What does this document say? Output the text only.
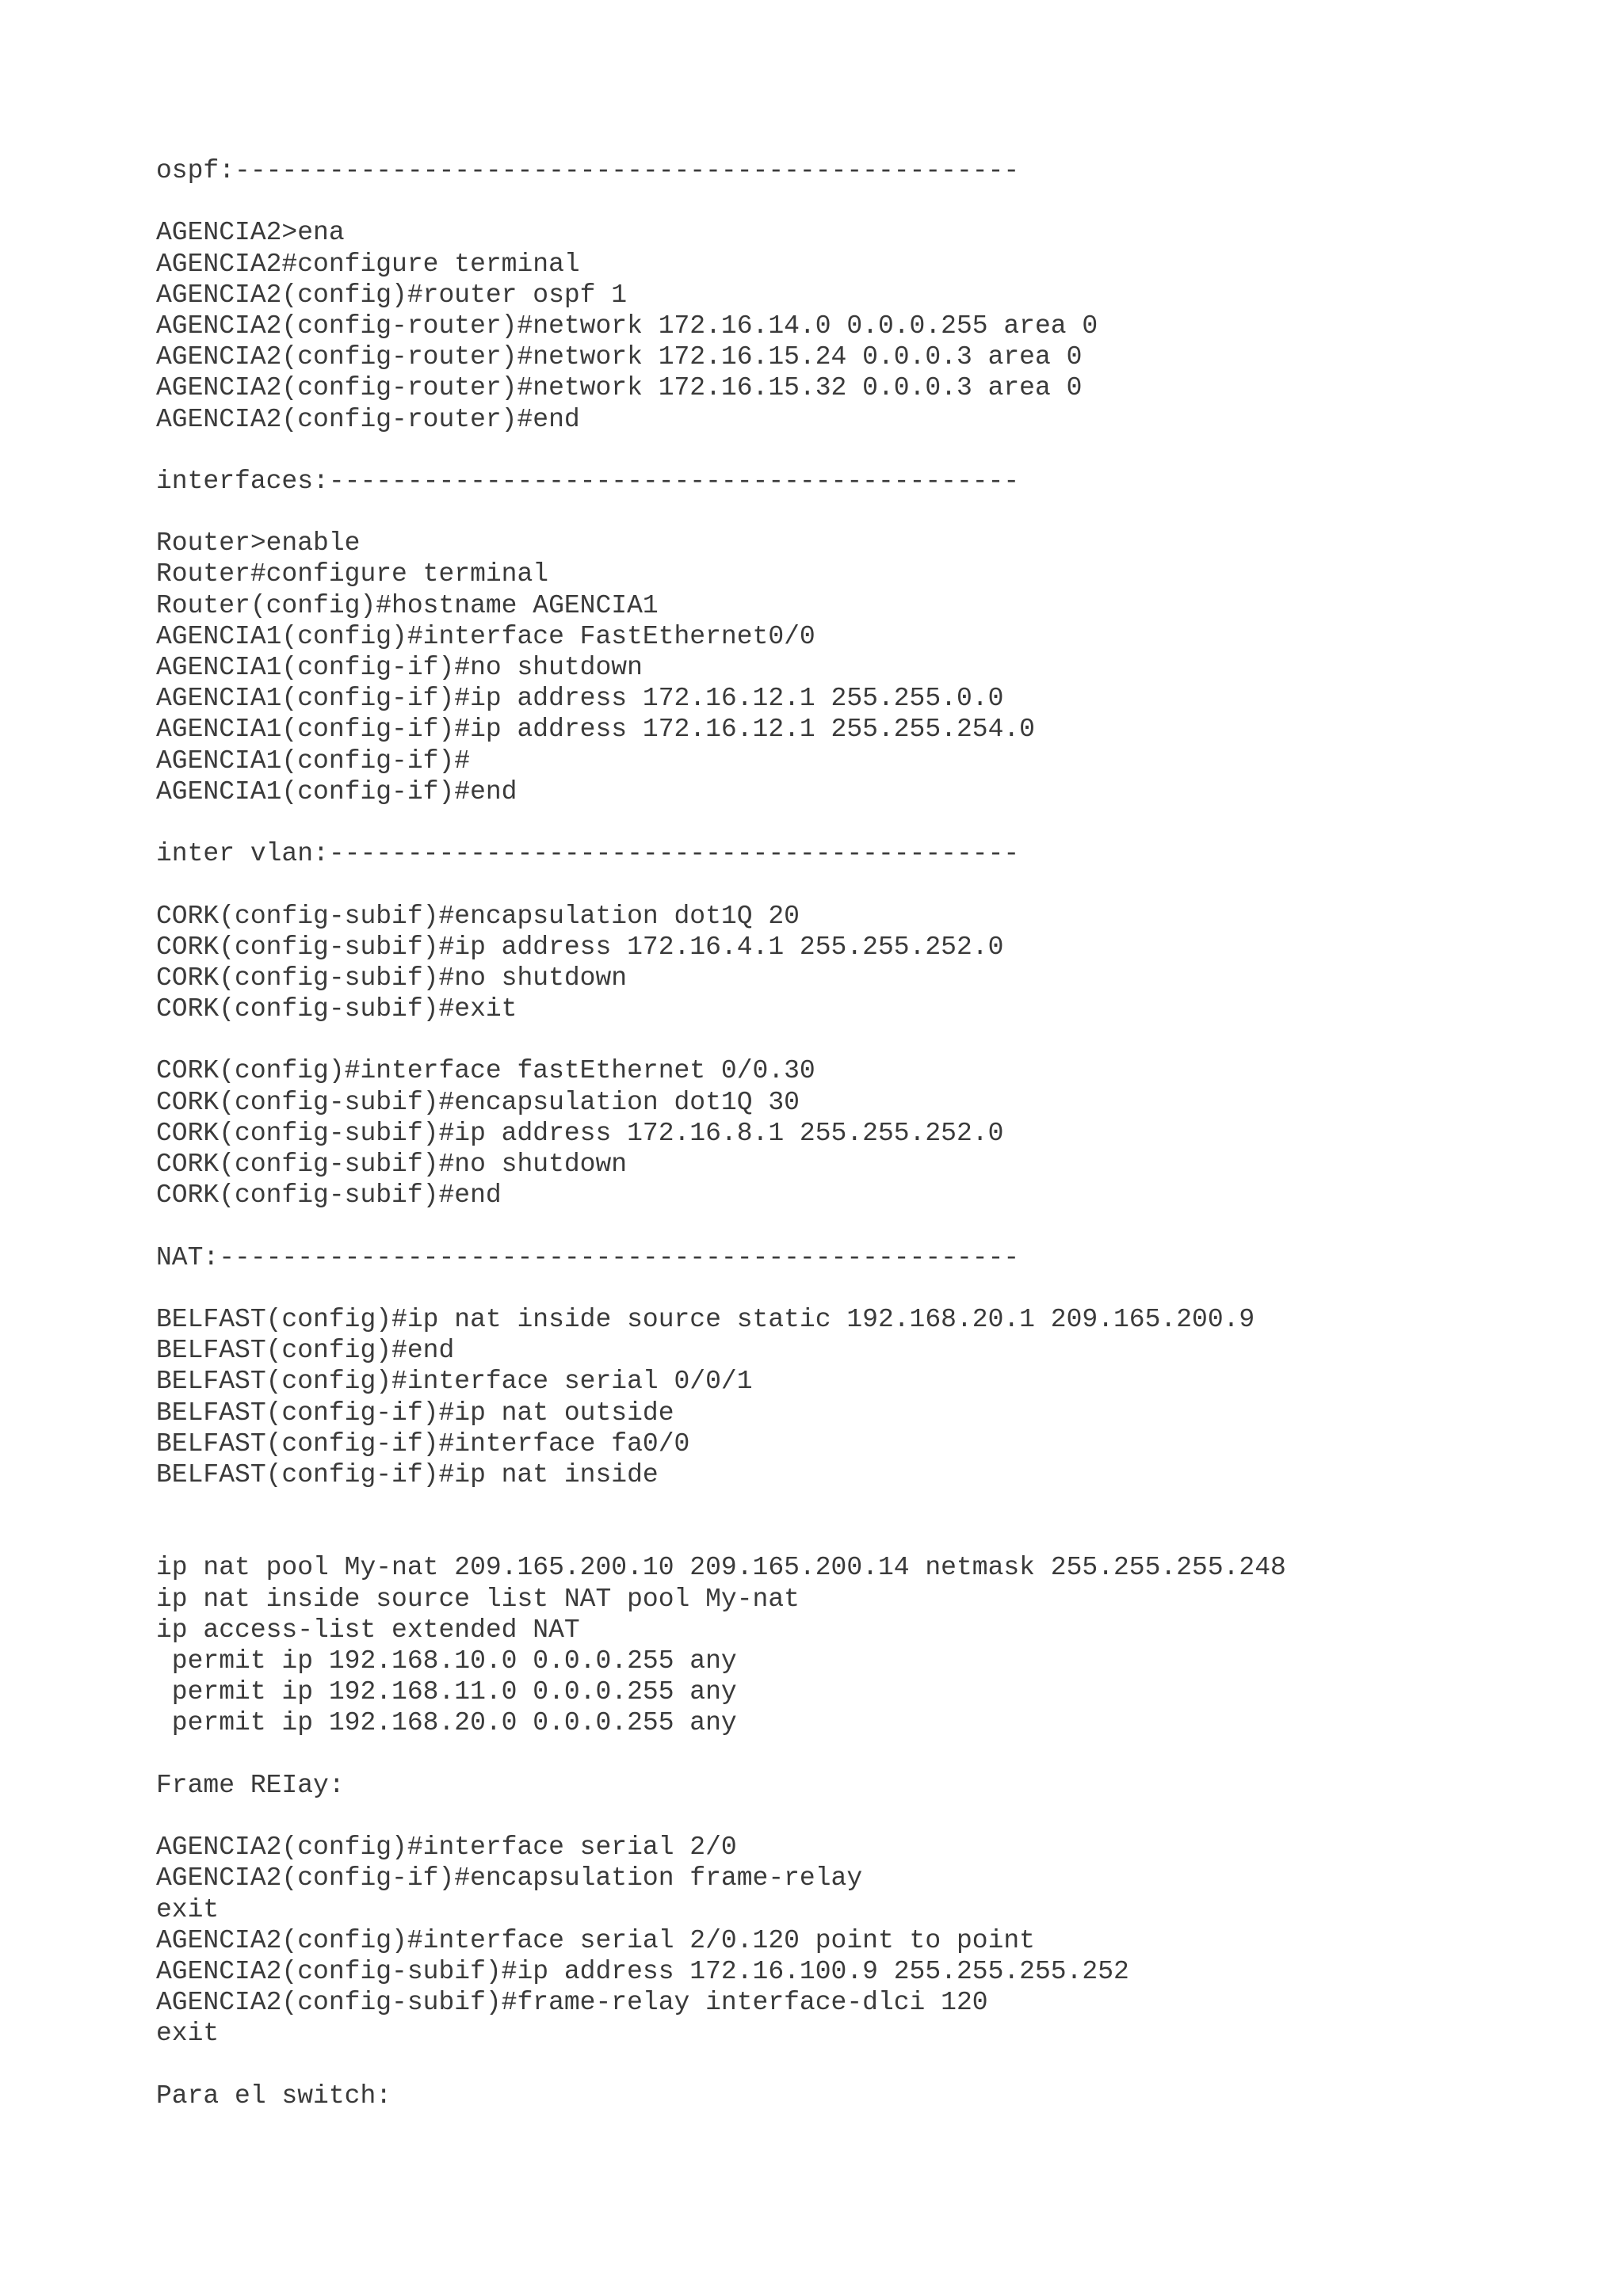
ospf:--------------------------------------------------
AGENCIA2>ena
AGENCIA2#configure terminal
AGENCIA2(config)#router ospf 1
AGENCIA2(config-router)#network 172.16.14.0 0.0.0.255 area 0
AGENCIA2(config-router)#network 172.16.15.24 0.0.0.3 area 0
AGENCIA2(config-router)#network 172.16.15.32 0.0.0.3 area 0
AGENCIA2(config-router)#end
interfaces:--------------------------------------------
Router>enable
Router#configure terminal
Router(config)#hostname AGENCIA1
AGENCIA1(config)#interface FastEthernet0/0
AGENCIA1(config-if)#no shutdown
AGENCIA1(config-if)#ip address 172.16.12.1 255.255.0.0
AGENCIA1(config-if)#ip address 172.16.12.1 255.255.254.0
AGENCIA1(config-if)#
AGENCIA1(config-if)#end
inter vlan:--------------------------------------------
CORK(config-subif)#encapsulation dot1Q 20
CORK(config-subif)#ip address 172.16.4.1 255.255.252.0
CORK(config-subif)#no shutdown
CORK(config-subif)#exit
CORK(config)#interface fastEthernet 0/0.30
CORK(config-subif)#encapsulation dot1Q 30
CORK(config-subif)#ip address 172.16.8.1 255.255.252.0
CORK(config-subif)#no shutdown
CORK(config-subif)#end
NAT:---------------------------------------------------
BELFAST(config)#ip nat inside source static 192.168.20.1 209.165.200.9
BELFAST(config)#end
BELFAST(config)#interface serial 0/0/1
BELFAST(config-if)#ip nat outside
BELFAST(config-if)#interface fa0/0
BELFAST(config-if)#ip nat inside
ip nat pool My-nat 209.165.200.10 209.165.200.14 netmask 255.255.255.248
ip nat inside source list NAT pool My-nat
ip access-list extended NAT
permit ip 192.168.10.0 0.0.0.255 any
permit ip 192.168.11.0 0.0.0.255 any
permit ip 192.168.20.0 0.0.0.255 any
Frame REIay:
AGENCIA2(config)#interface serial 2/0
AGENCIA2(config-if)#encapsulation frame-relay
exit
AGENCIA2(config)#interface serial 2/0.120 point to point
AGENCIA2(config-subif)#ip address 172.16.100.9 255.255.255.252
AGENCIA2(config-subif)#frame-relay interface-dlci 120
exit
Para el switch:
